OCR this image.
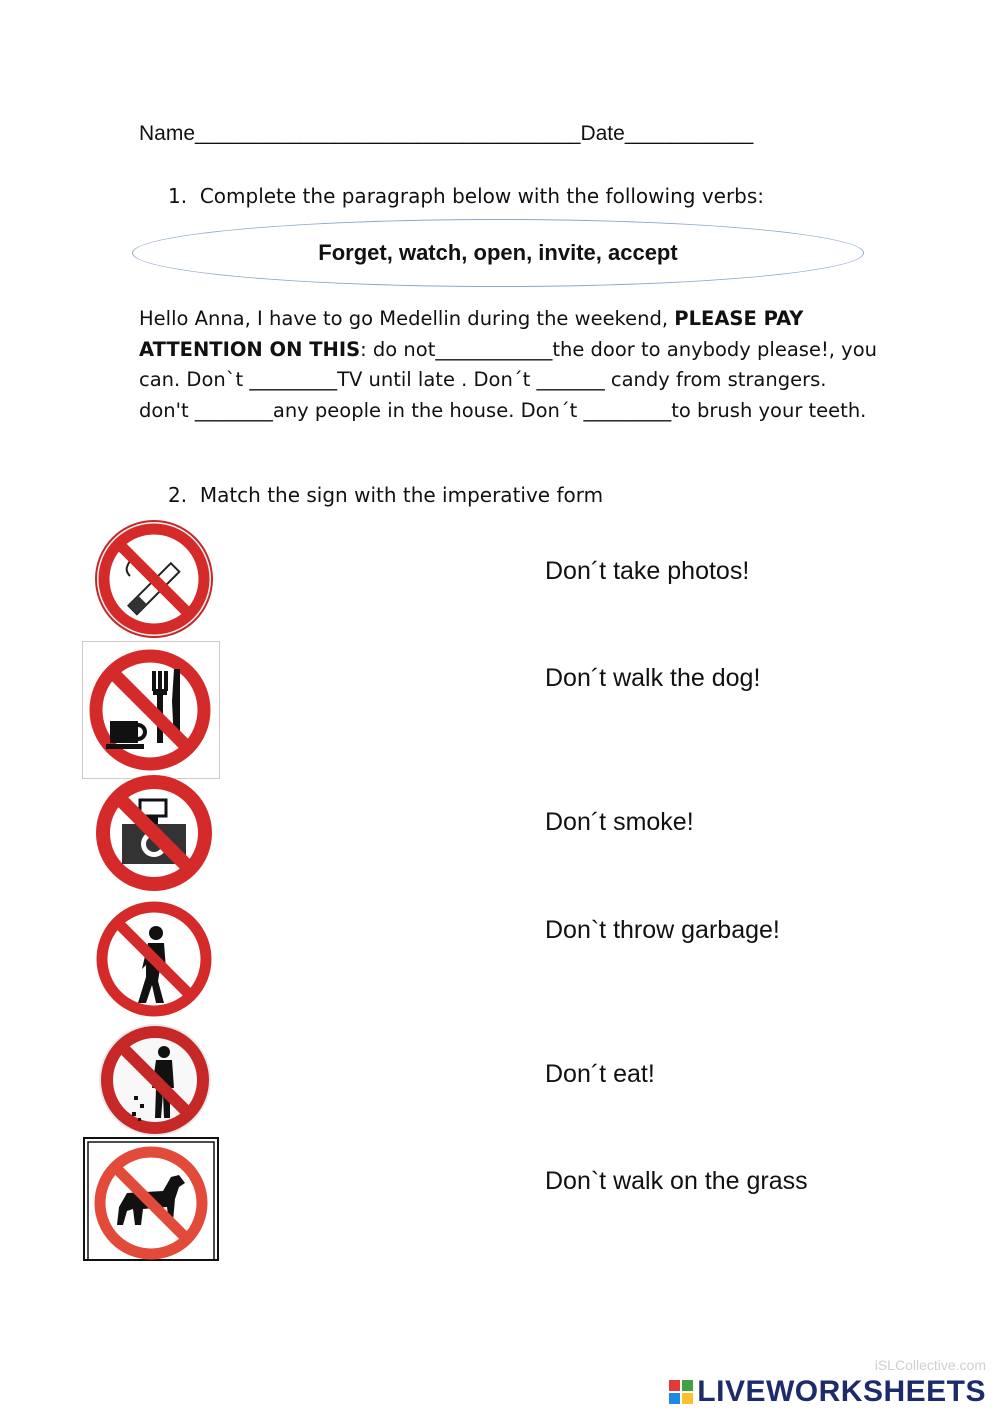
Name_________________________________Date___________
1. Complete the paragraph below with the following verbs:
Forget, watch, open, invite, accept
Hello Anna, I have to go Medellin during the weekend, PLEASE PAY ATTENTION ON THIS: do not____________the door to anybody please!, you can. Don`t _________TV until late . Don´t _______ candy from strangers. don't ________any people in the house. Don´t _________to brush your teeth.
2. Match the sign with the imperative form
Don´t take photos!
Don´t walk the dog!
Don´t smoke!
Don`t throw garbage!
Don´t eat!
Don`t walk on the grass
iSLCollective.com
LIVEWORKSHEETS
